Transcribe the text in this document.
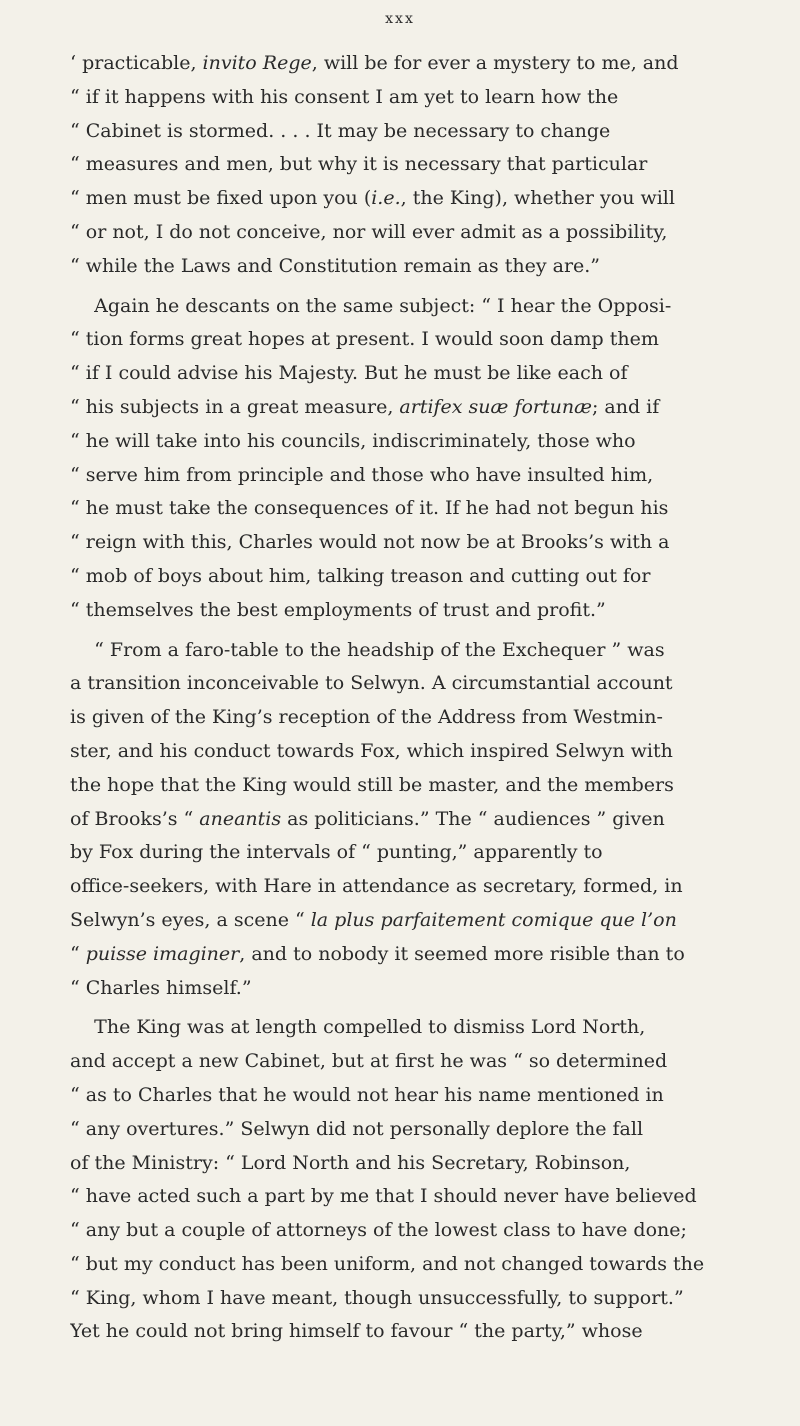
xxx
‘ practicable, invito Rege, will be for ever a mystery to me, and
“ if it happens with his consent I am yet to learn how the
“ Cabinet is stormed. . . . It may be necessary to change
“ measures and men, but why it is necessary that particular
“ men must be fixed upon you (i.e., the King), whether you will
“ or not, I do not conceive, nor will ever admit as a possibility,
“ while the Laws and Constitution remain as they are.”
Again he descants on the same subject: “ I hear the Opposi-
“ tion forms great hopes at present. I would soon damp them
“ if I could advise his Majesty. But he must be like each of
“ his subjects in a great measure, artifex suæ fortunæ; and if
“ he will take into his councils, indiscriminately, those who
“ serve him from principle and those who have insulted him,
“ he must take the consequences of it. If he had not begun his
“ reign with this, Charles would not now be at Brooks’s with a
“ mob of boys about him, talking treason and cutting out for
“ themselves the best employments of trust and profit.”
“ From a faro-table to the headship of the Exchequer ” was
a transition inconceivable to Selwyn. A circumstantial account
is given of the King’s reception of the Address from Westmin-
ster, and his conduct towards Fox, which inspired Selwyn with
the hope that the King would still be master, and the members
of Brooks’s “ aneantis as politicians.” The “ audiences ” given
by Fox during the intervals of “ punting,” apparently to
office-seekers, with Hare in attendance as secretary, formed, in
Selwyn’s eyes, a scene “ la plus parfaitement comique que l’on
“ puisse imaginer, and to nobody it seemed more risible than to
“ Charles himself.”
The King was at length compelled to dismiss Lord North,
and accept a new Cabinet, but at first he was “ so determined
“ as to Charles that he would not hear his name mentioned in
“ any overtures.” Selwyn did not personally deplore the fall
of the Ministry: “ Lord North and his Secretary, Robinson,
“ have acted such a part by me that I should never have believed
“ any but a couple of attorneys of the lowest class to have done;
“ but my conduct has been uniform, and not changed towards the
“ King, whom I have meant, though unsuccessfully, to support.”
Yet he could not bring himself to favour “ the party,” whose
